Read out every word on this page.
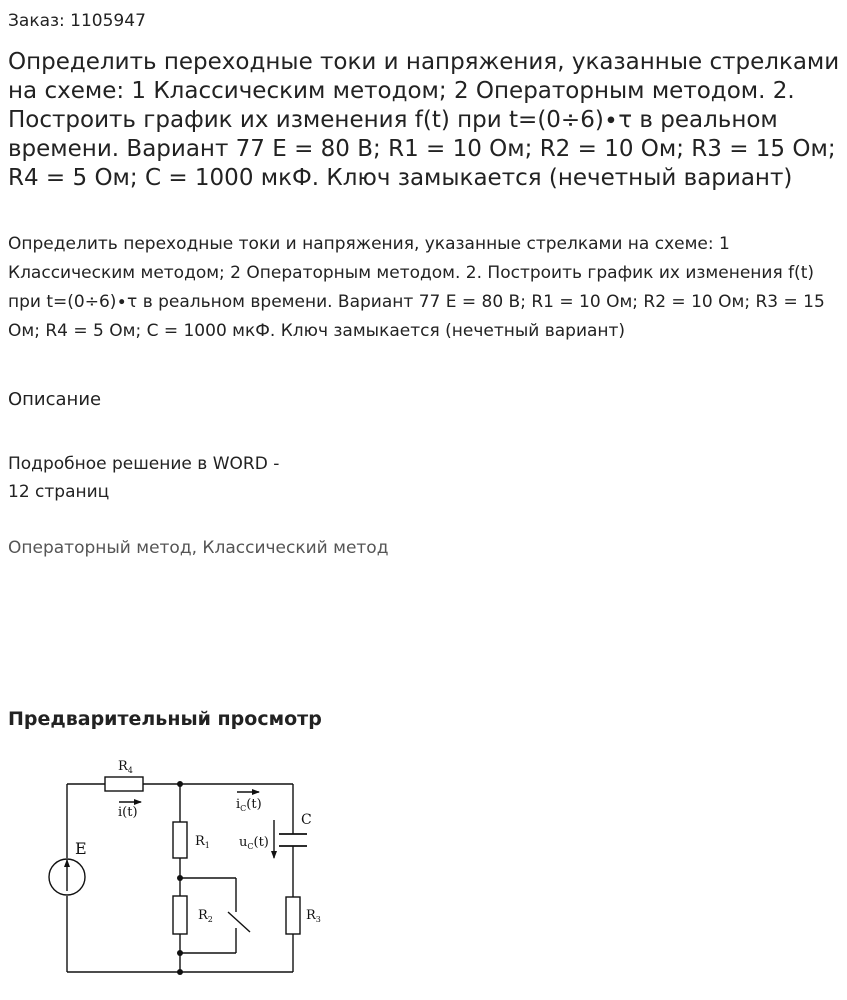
Заказ: 1105947
Определить переходные токи и напряжения, указанные стрелками на схеме: 1 Классическим методом; 2 Операторным методом. 2. Построить график их изменения f(t) при t=(0÷6)∙τ в реальном времени. Вариант 77 E = 80 В; R1 = 10 Ом; R2 = 10 Ом; R3 = 15 Ом; R4 = 5 Ом; C = 1000 мкФ. Ключ замыкается (нечетный вариант)
Определить переходные токи и напряжения, указанные стрелками на схеме: 1 Классическим методом; 2 Операторным методом. 2. Построить график их изменения f(t) при t=(0÷6)∙τ в реальном времени. Вариант 77 E = 80 В; R1 = 10 Ом; R2 = 10 Ом; R3 = 15 Ом; R4 = 5 Ом; C = 1000 мкФ. Ключ замыкается (нечетный вариант)
Описание
Подробное решение в WORD -
12 страниц
Операторный метод, Классический метод
Предварительный просмотр
$R_4$
i(t)
$i_C(t)$
C
$u_C(t)$
E	$R_1$
$R_2$	$R_3$
